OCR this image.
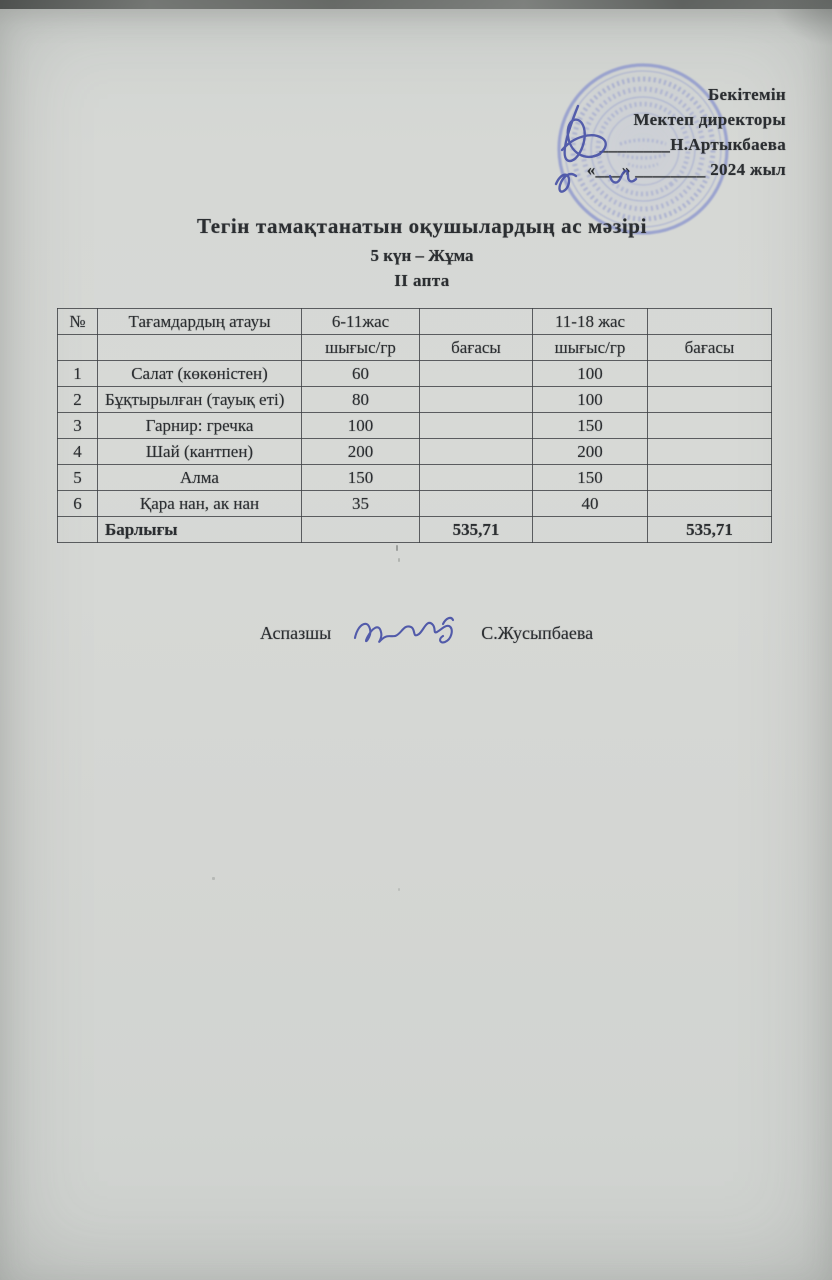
Бекітемін
Мектеп директоры
________Н.Артыкбаева
«___» ________ 2024 жыл
Тегін тамақтанатын оқушылардың ас мәзірі
5 күн – Жұма
ІІ апта
№	Тағамдардың атауы	6-11жас		11-18 жас	
		шығыс/гр	бағасы	шығыс/гр	бағасы
1	Салат (көкөністен)	60		100	
2	Бұқтырылған (тауық еті)	80		100	
3	Гарнир: гречка	100		150	
4	Шай (кантпен)	200		200	
5	Алма	150		150	
6	Қара нан, ак нан	35		40	
	Барлығы		535,71		535,71
Аспазшы	С.Жусыпбаева
